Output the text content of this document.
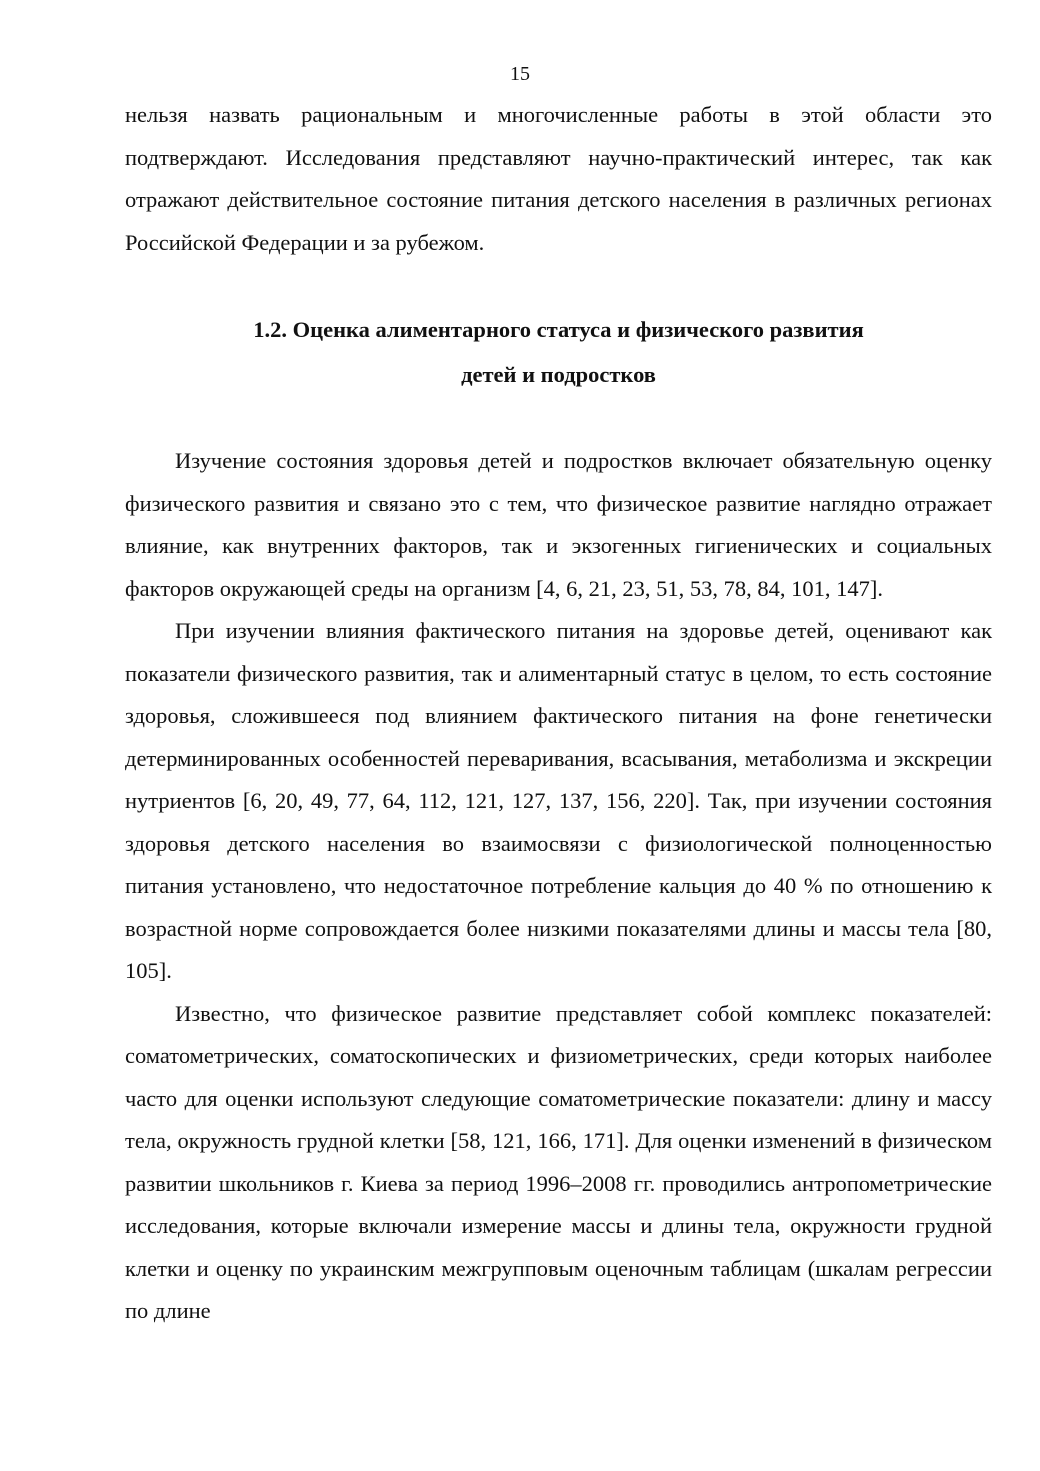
15

нельзя назвать рациональным и многочисленные работы в этой области это подтверждают. Исследования представляют научно-практический интерес, так как отражают действительное состояние питания детского населения в различных регионах Российской Федерации и за рубежом.

1.2. Оценка алиментарного статуса и физического развития
детей и подростков

Изучение состояния здоровья детей и подростков включает обязательную оценку физического развития и связано это с тем, что физическое развитие наглядно отражает влияние, как внутренних факторов, так и экзогенных гигиенических и социальных факторов окружающей среды на организм [4, 6, 21, 23, 51, 53, 78, 84, 101, 147].

При изучении влияния фактического питания на здоровье детей, оценивают как показатели физического развития, так и алиментарный статус в целом, то есть состояние здоровья, сложившееся под влиянием фактического питания на фоне генетически детерминированных особенностей переваривания, всасывания, метаболизма и экскреции нутриентов [6, 20, 49, 77, 64, 112, 121, 127, 137, 156, 220]. Так, при изучении состояния здоровья детского населения во взаимосвязи с физиологической полноценностью питания установлено, что недостаточное потребление кальция до 40 % по отношению к возрастной норме сопровождается более низкими показателями длины и массы тела [80, 105].

Известно, что физическое развитие представляет собой комплекс показателей: соматометрических, соматоскопических и физиометрических, среди которых наиболее часто для оценки используют следующие соматометрические показатели: длину и массу тела, окружность грудной клетки [58, 121, 166, 171]. Для оценки изменений в физическом развитии школьников г. Киева за период 1996–2008 гг. проводились антропометрические исследования, которые включали измерение массы и длины тела, окружности грудной клетки и оценку по украинским межгрупповым оценочным таблицам (шкалам регрессии по длине
